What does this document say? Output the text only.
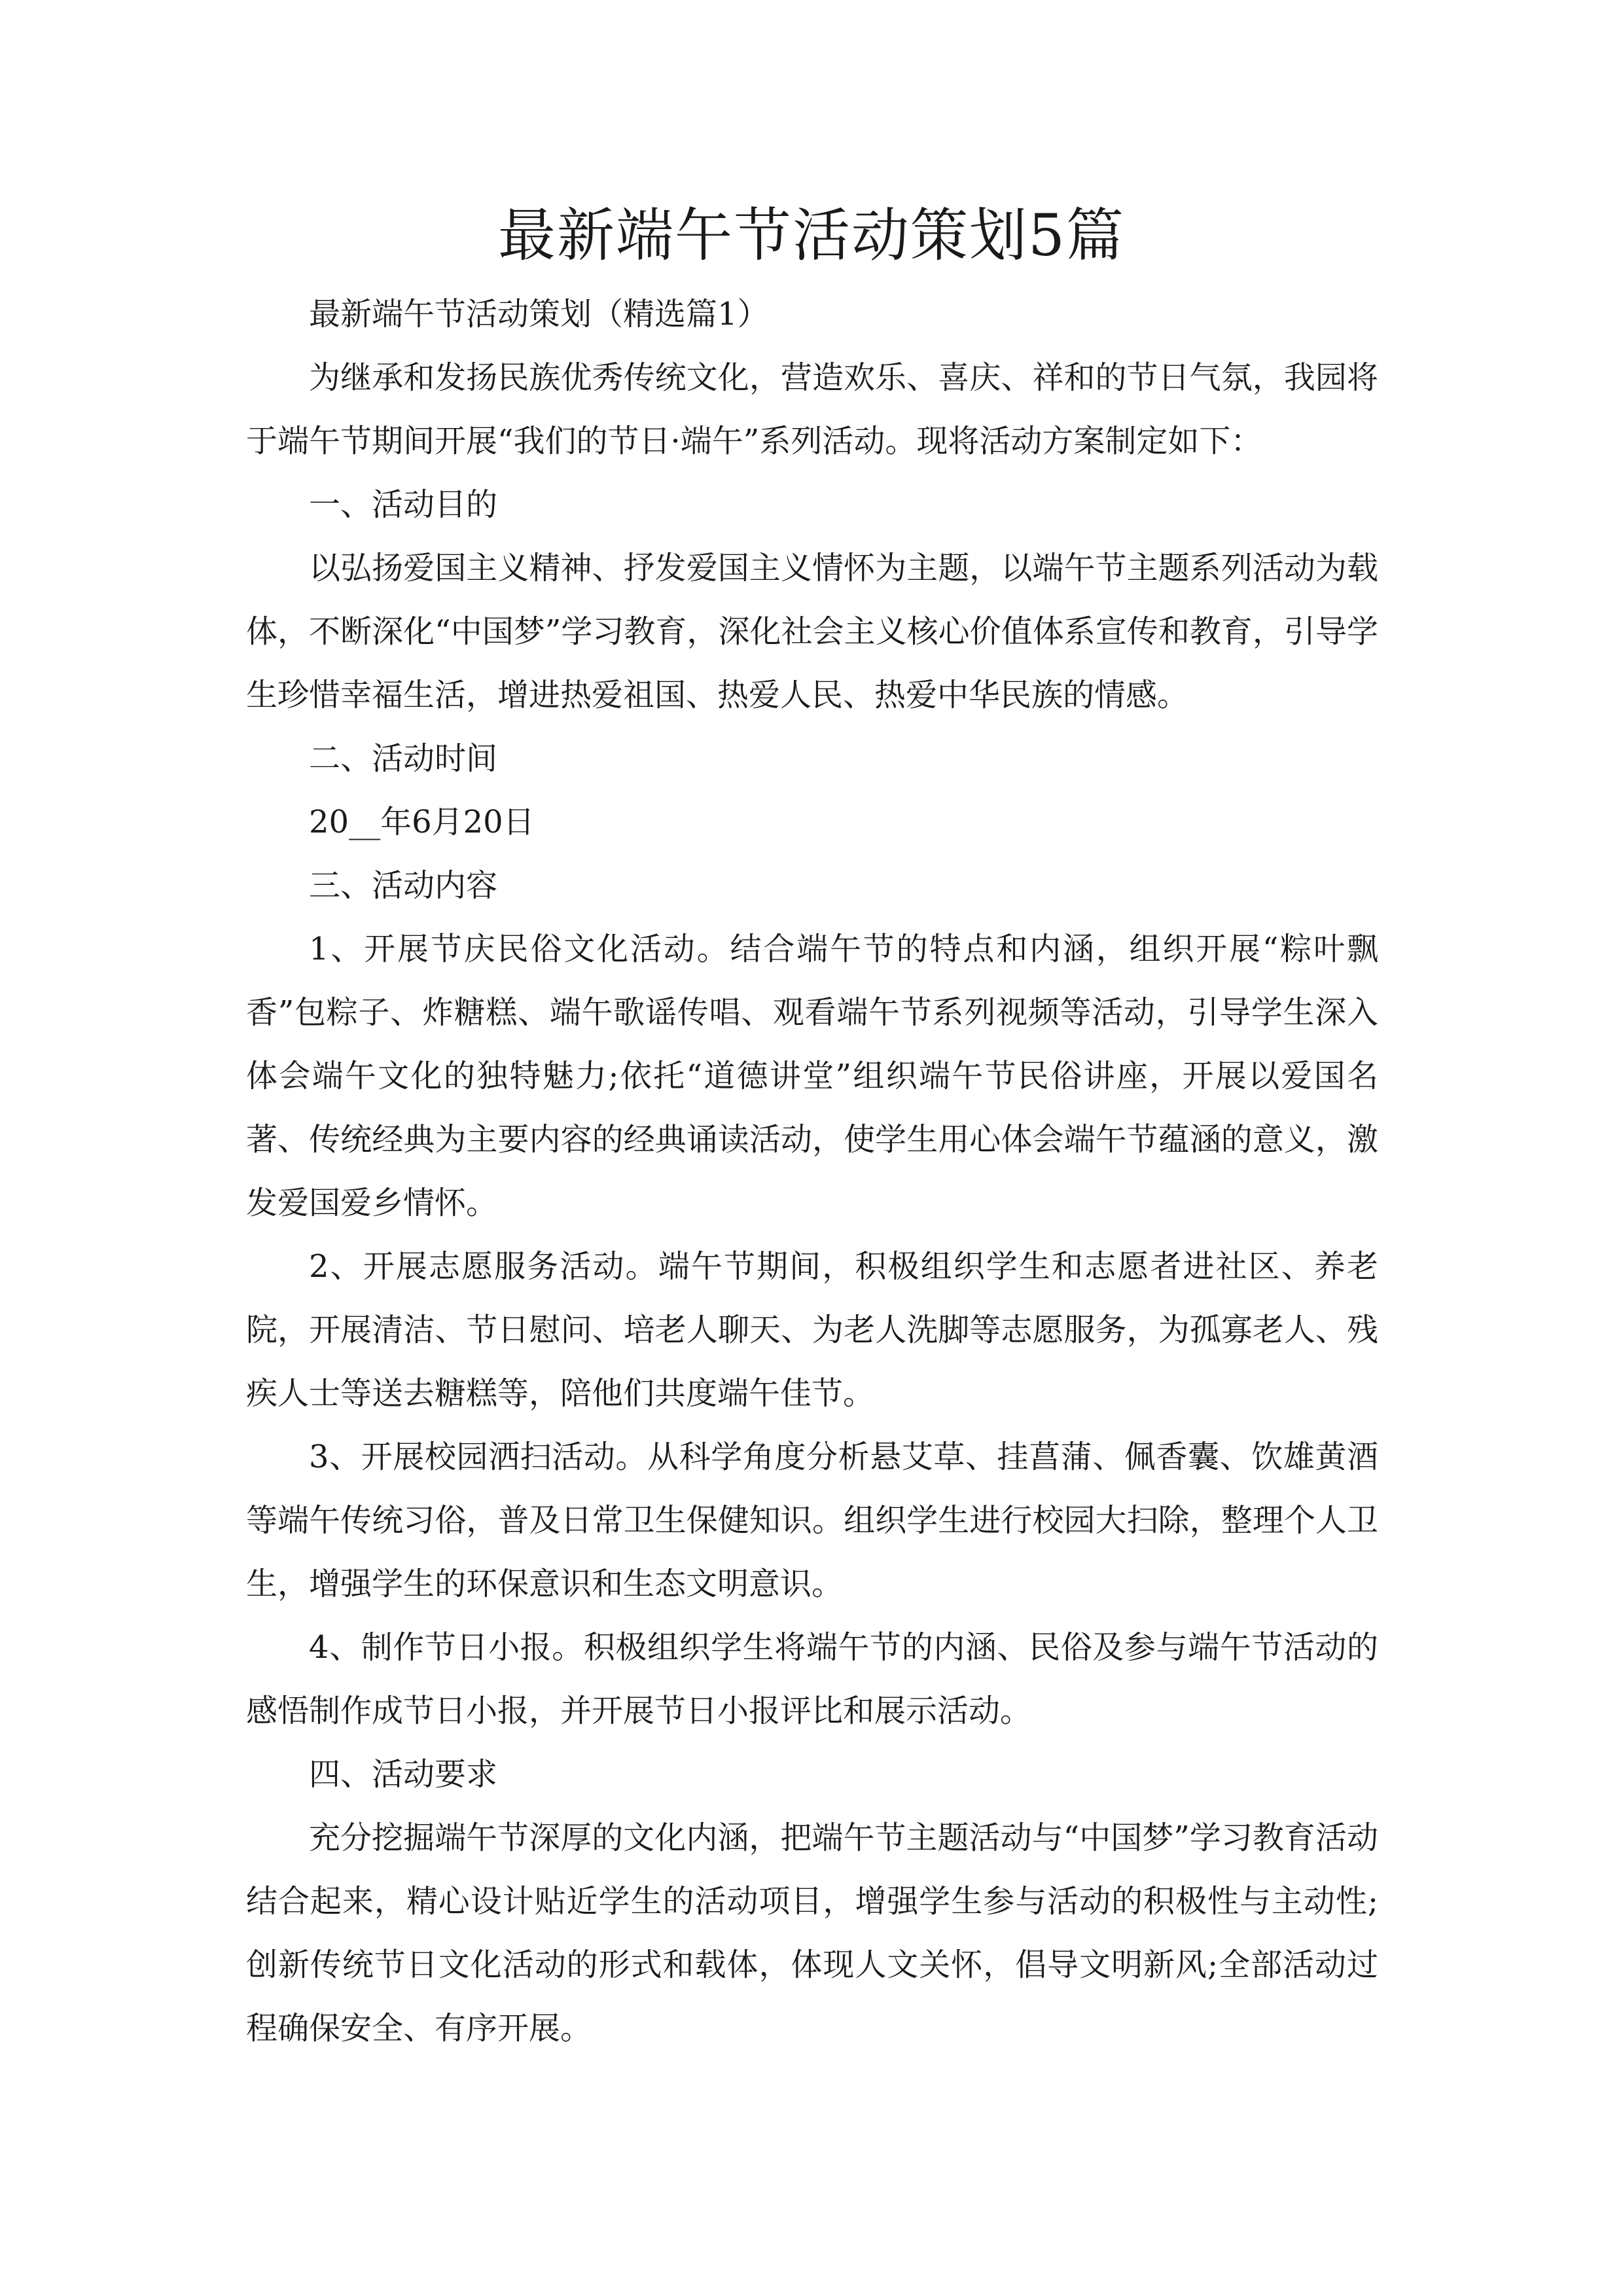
最新端午节活动策划5篇

最新端午节活动策划（精选篇1）

为继承和发扬民族优秀传统文化，营造欢乐、喜庆、祥和的节日气氛，我园将于端午节期间开展“我们的节日·端午”系列活动。现将活动方案制定如下：

一、活动目的

以弘扬爱国主义精神、抒发爱国主义情怀为主题，以端午节主题系列活动为载体，不断深化“中国梦”学习教育，深化社会主义核心价值体系宣传和教育，引导学生珍惜幸福生活，增进热爱祖国、热爱人民、热爱中华民族的情感。

二、活动时间

20__年6月20日

三、活动内容

1、开展节庆民俗文化活动。结合端午节的特点和内涵，组织开展“粽叶飘香”包粽子、炸糖糕、端午歌谣传唱、观看端午节系列视频等活动，引导学生深入体会端午文化的独特魅力;依托“道德讲堂”组织端午节民俗讲座，开展以爱国名著、传统经典为主要内容的经典诵读活动，使学生用心体会端午节蕴涵的意义，激发爱国爱乡情怀。

2、开展志愿服务活动。端午节期间，积极组织学生和志愿者进社区、养老院，开展清洁、节日慰问、培老人聊天、为老人洗脚等志愿服务，为孤寡老人、残疾人士等送去糖糕等，陪他们共度端午佳节。

3、开展校园洒扫活动。从科学角度分析悬艾草、挂菖蒲、佩香囊、饮雄黄酒等端午传统习俗，普及日常卫生保健知识。组织学生进行校园大扫除，整理个人卫生，增强学生的环保意识和生态文明意识。

4、制作节日小报。积极组织学生将端午节的内涵、民俗及参与端午节活动的感悟制作成节日小报，并开展节日小报评比和展示活动。

四、活动要求

充分挖掘端午节深厚的文化内涵，把端午节主题活动与“中国梦”学习教育活动结合起来，精心设计贴近学生的活动项目，增强学生参与活动的积极性与主动性;创新传统节日文化活动的形式和载体，体现人文关怀，倡导文明新风;全部活动过程确保安全、有序开展。
